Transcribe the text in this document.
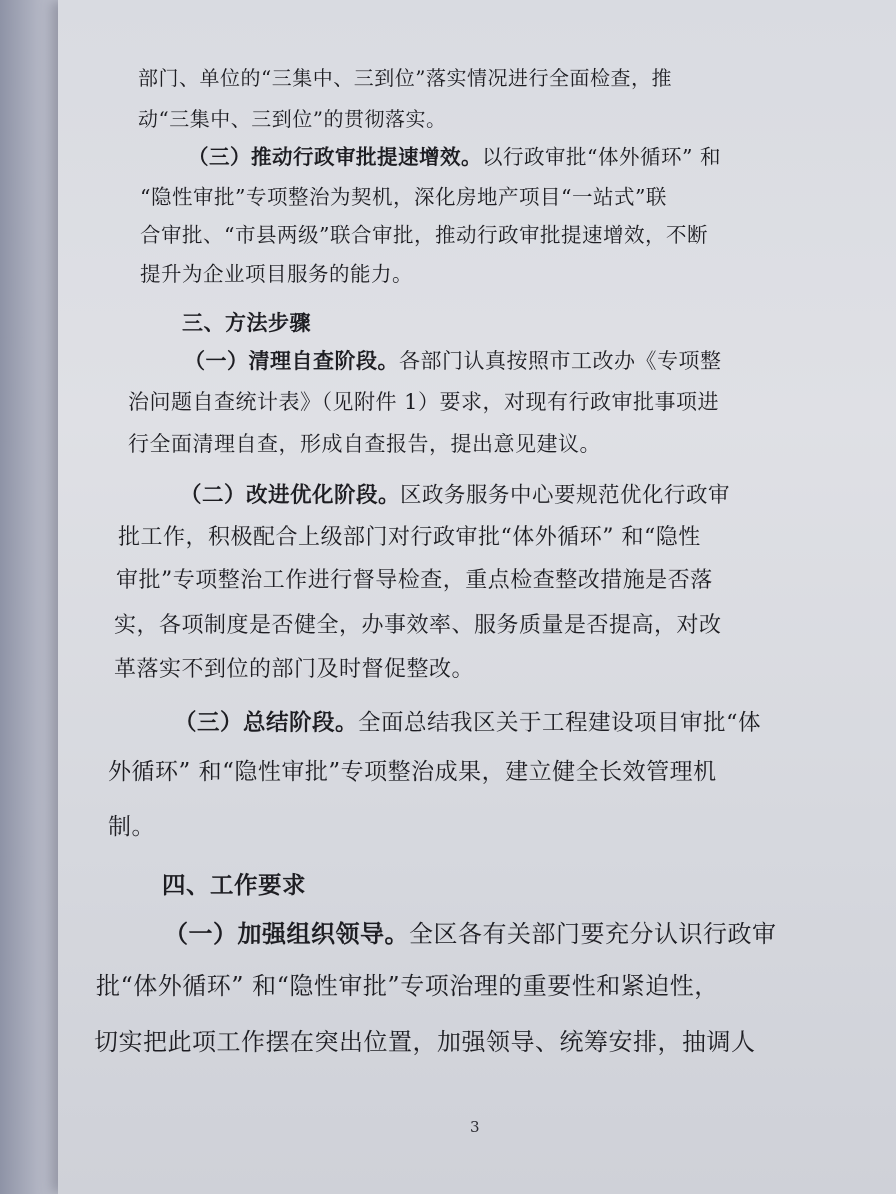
部门、单位的“三集中、三到位”落实情况进行全面检查，推
动“三集中、三到位”的贯彻落实。
（三）推动行政审批提速增效。以行政审批“体外循环” 和
“隐性审批”专项整治为契机，深化房地产项目“一站式”联
合审批、“市县两级”联合审批，推动行政审批提速增效，不断
提升为企业项目服务的能力。
三、方法步骤
（一）清理自查阶段。各部门认真按照市工改办《专项整
治问题自查统计表》（见附件 1）要求，对现有行政审批事项进
行全面清理自查，形成自查报告，提出意见建议。
（二）改进优化阶段。区政务服务中心要规范优化行政审
批工作，积极配合上级部门对行政审批“体外循环” 和“隐性
审批”专项整治工作进行督导检查，重点检查整改措施是否落
实，各项制度是否健全，办事效率、服务质量是否提高，对改
革落实不到位的部门及时督促整改。
（三）总结阶段。全面总结我区关于工程建设项目审批“体
外循环” 和“隐性审批”专项整治成果，建立健全长效管理机
制。
四、工作要求
（一）加强组织领导。全区各有关部门要充分认识行政审
批“体外循环” 和“隐性审批”专项治理的重要性和紧迫性，
切实把此项工作摆在突出位置，加强领导、统筹安排，抽调人
3
